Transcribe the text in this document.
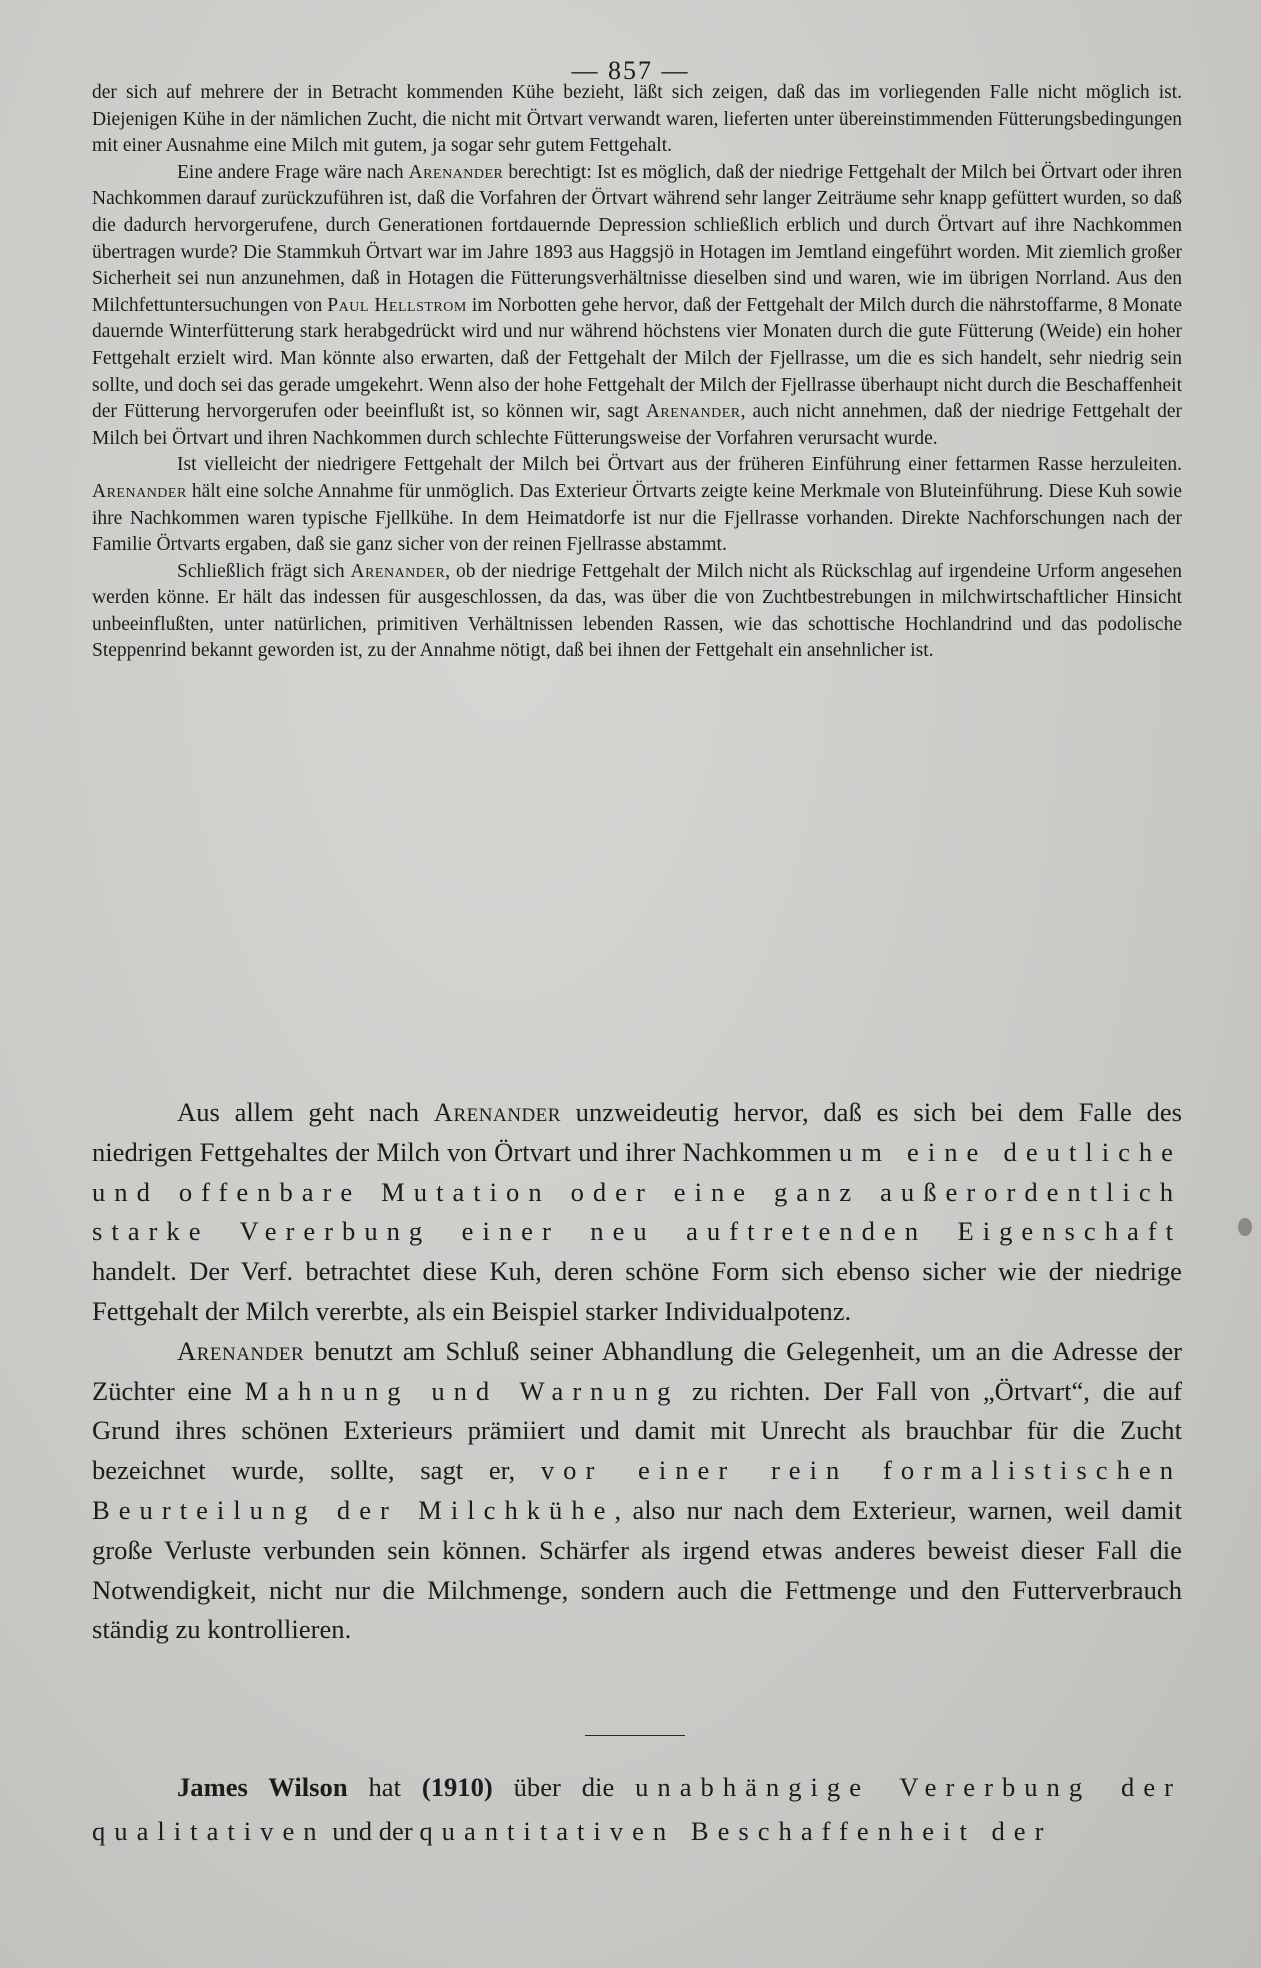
— 857 —

der sich auf mehrere der in Betracht kommenden Kühe bezieht, läßt sich zeigen, daß das im vorliegenden Falle nicht möglich ist. Diejenigen Kühe in der nämlichen Zucht, die nicht mit Örtvart verwandt waren, lieferten unter übereinstimmenden Fütterungsbedingungen mit einer Ausnahme eine Milch mit gutem, ja sogar sehr gutem Fettgehalt.

Eine andere Frage wäre nach Arenander berechtigt: Ist es möglich, daß der niedrige Fettgehalt der Milch bei Örtvart oder ihren Nachkommen darauf zurückzuführen ist, daß die Vorfahren der Örtvart während sehr langer Zeiträume sehr knapp gefüttert wurden, so daß die dadurch hervorgerufene, durch Generationen fortdauernde Depression schließlich erblich und durch Örtvart auf ihre Nachkommen übertragen wurde? Die Stammkuh Örtvart war im Jahre 1893 aus Haggsjö in Hotagen im Jemtland eingeführt worden. Mit ziemlich großer Sicherheit sei nun anzunehmen, daß in Hotagen die Fütterungsverhältnisse dieselben sind und waren, wie im übrigen Norrland. Aus den Milchfettuntersuchungen von Paul Hellstrom im Norbotten gehe hervor, daß der Fettgehalt der Milch durch die nährstoffarme, 8 Monate dauernde Winterfütterung stark herabgedrückt wird und nur während höchstens vier Monaten durch die gute Fütterung (Weide) ein hoher Fettgehalt erzielt wird. Man könnte also erwarten, daß der Fettgehalt der Milch der Fjellrasse, um die es sich handelt, sehr niedrig sein sollte, und doch sei das gerade umgekehrt. Wenn also der hohe Fettgehalt der Milch der Fjellrasse überhaupt nicht durch die Beschaffenheit der Fütterung hervorgerufen oder beeinflußt ist, so können wir, sagt Arenander, auch nicht annehmen, daß der niedrige Fettgehalt der Milch bei Örtvart und ihren Nachkommen durch schlechte Fütterungsweise der Vorfahren verursacht wurde.

Ist vielleicht der niedrigere Fettgehalt der Milch bei Örtvart aus der früheren Einführung einer fettarmen Rasse herzuleiten. Arenander hält eine solche Annahme für unmöglich. Das Exterieur Örtvarts zeigte keine Merkmale von Bluteinführung. Diese Kuh sowie ihre Nachkommen waren typische Fjellkühe. In dem Heimatdorfe ist nur die Fjellrasse vorhanden. Direkte Nachforschungen nach der Familie Örtvarts ergaben, daß sie ganz sicher von der reinen Fjellrasse abstammt.

Schließlich frägt sich Arenander, ob der niedrige Fettgehalt der Milch nicht als Rückschlag auf irgendeine Urform angesehen werden könne. Er hält das indessen für ausgeschlossen, da das, was über die von Zuchtbestrebungen in milchwirtschaftlicher Hinsicht unbeeinflußten, unter natürlichen, primitiven Verhältnissen lebenden Rassen, wie das schottische Hochlandrind und das podolische Steppenrind bekannt geworden ist, zu der Annahme nötigt, daß bei ihnen der Fettgehalt ein ansehnlicher ist.

Aus allem geht nach Arenander unzweideutig hervor, daß es sich bei dem Falle des niedrigen Fettgehaltes der Milch von Örtvart und ihrer Nachkommen um eine deutliche und offenbare Mutation oder eine ganz außerordentlich starke Vererbung einer neu auftretenden Eigenschaft handelt. Der Verf. betrachtet diese Kuh, deren schöne Form sich ebenso sicher wie der niedrige Fettgehalt der Milch vererbte, als ein Beispiel starker Individualpotenz.

Arenander benutzt am Schluß seiner Abhandlung die Gelegenheit, um an die Adresse der Züchter eine Mahnung und Warnung zu richten. Der Fall von „Örtvart“, die auf Grund ihres schönen Exterieurs prämiiert und damit mit Unrecht als brauchbar für die Zucht bezeichnet wurde, sollte, sagt er, vor einer rein formalistischen Beurteilung der Milchkühe, also nur nach dem Exterieur, warnen, weil damit große Verluste verbunden sein können. Schärfer als irgend etwas anderes beweist dieser Fall die Notwendigkeit, nicht nur die Milchmenge, sondern auch die Fettmenge und den Futterverbrauch ständig zu kontrollieren.

James Wilson hat (1910) über die unabhängige Vererbung der qualitativen und der quantitativen Beschaffenheit der
